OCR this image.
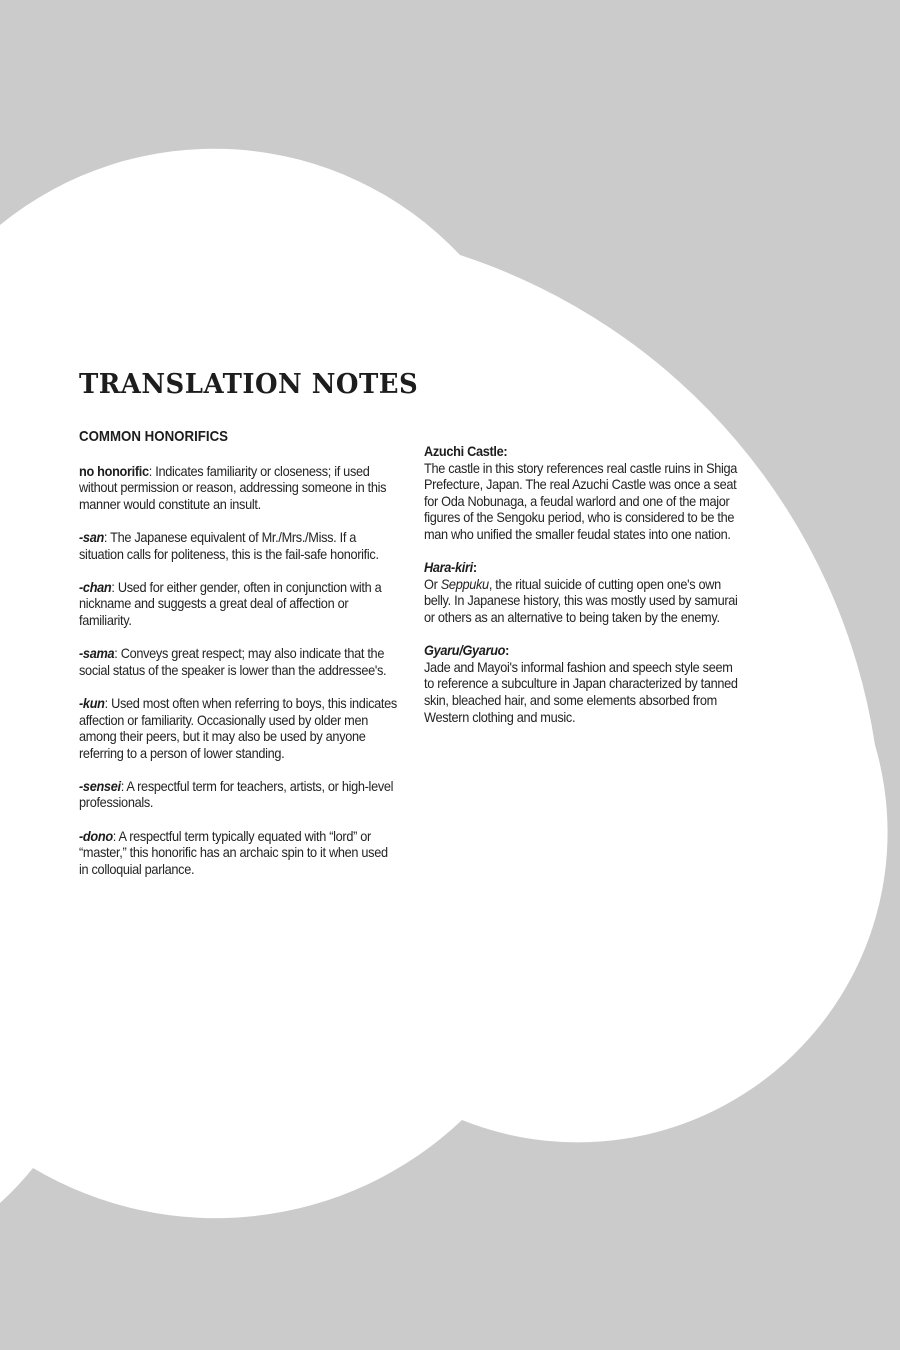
TRANSLATION NOTES
COMMON HONORIFICS

no honorific: Indicates familiarity or closeness; if used without permission or reason, addressing someone in this manner would constitute an insult.

-san: The Japanese equivalent of Mr./Mrs./Miss. If a situation calls for politeness, this is the fail-safe honorific.

-chan: Used for either gender, often in conjunction with a nickname and suggests a great deal of affection or familiarity.

-sama: Conveys great respect; may also indicate that the social status of the speaker is lower than the addressee's.

-kun: Used most often when referring to boys, this indicates affection or familiarity. Occasionally used by older men among their peers, but it may also be used by anyone referring to a person of lower standing.

-sensei: A respectful term for teachers, artists, or high-level professionals.

-dono: A respectful term typically equated with “lord” or “master,” this honorific has an archaic spin to it when used in colloquial parlance.

Azuchi Castle:
The castle in this story references real castle ruins in Shiga Prefecture, Japan. The real Azuchi Castle was once a seat for Oda Nobunaga, a feudal warlord and one of the major figures of the Sengoku period, who is considered to be the man who unified the smaller feudal states into one nation.

Hara-kiri:
Or Seppuku, the ritual suicide of cutting open one's own belly. In Japanese history, this was mostly used by samurai or others as an alternative to being taken by the enemy.

Gyaru/Gyaruo:
Jade and Mayoi's informal fashion and speech style seem to reference a subculture in Japan characterized by tanned skin, bleached hair, and some elements absorbed from Western clothing and music.
